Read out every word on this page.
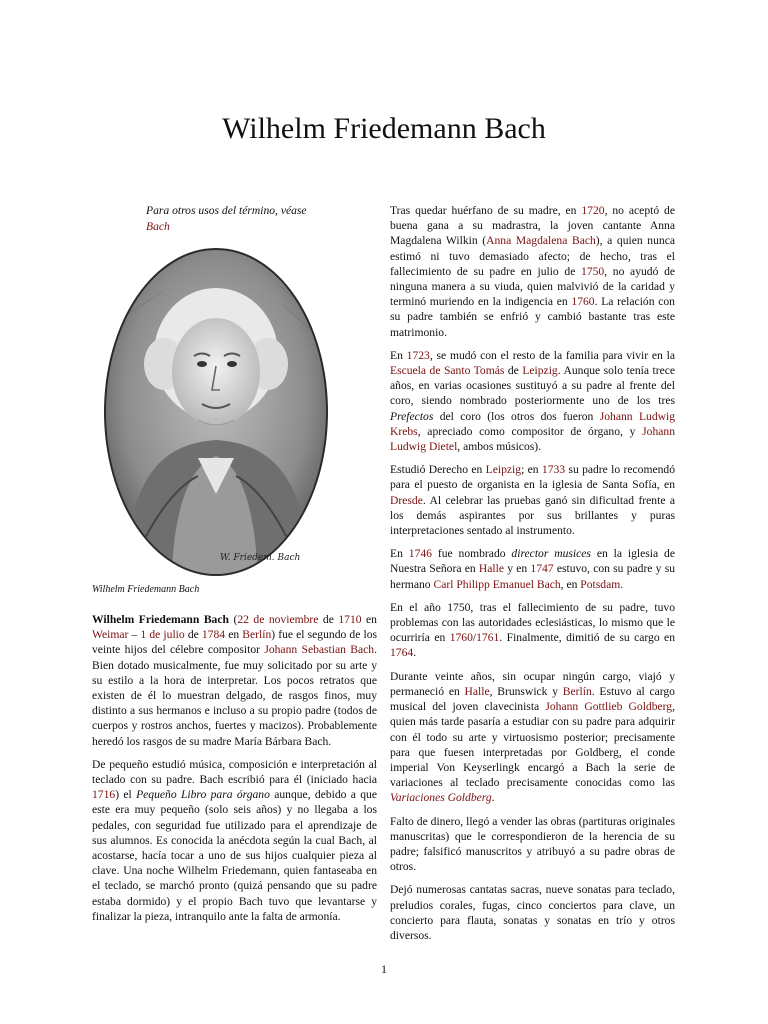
Wilhelm Friedemann Bach
Para otros usos del término, véase
Bach
W. Friedem. Bach
Wilhelm Friedemann Bach

Wilhelm Friedemann Bach (22 de noviembre de 1710 en Weimar – 1 de julio de 1784 en Berlín) fue el segundo de los veinte hijos del célebre compositor Johann Sebastian Bach. Bien dotado musicalmente, fue muy solicitado por su arte y su estilo a la hora de interpretar. Los pocos retratos que existen de él lo muestran delgado, de rasgos finos, muy distinto a sus hermanos e incluso a su propio padre (todos de cuerpos y rostros anchos, fuertes y macizos). Probablemente heredó los rasgos de su madre María Bárbara Bach.

De pequeño estudió música, composición e interpretación al teclado con su padre. Bach escribió para él (iniciado hacia 1716) el Pequeño Libro para órgano aunque, debido a que este era muy pequeño (solo seis años) y no llegaba a los pedales, con seguridad fue utilizado para el aprendizaje de sus alumnos. Es conocida la anécdota según la cual Bach, al acostarse, hacía tocar a uno de sus hijos cualquier pieza al clave. Una noche Wilhelm Friedemann, quien fantaseaba en el teclado, se marchó pronto (quizá pensando que su padre estaba dormido) y el propio Bach tuvo que levantarse y finalizar la pieza, intranquilo ante la falta de armonía.

Tras quedar huérfano de su madre, en 1720, no aceptó de buena gana a su madrastra, la joven cantante Anna Magdalena Wilkin (Anna Magdalena Bach), a quien nunca estimó ni tuvo demasiado afecto; de hecho, tras el fallecimiento de su padre en julio de 1750, no ayudó de ninguna manera a su viuda, quien malvivió de la caridad y terminó muriendo en la indigencia en 1760. La relación con su padre también se enfrió y cambió bastante tras este matrimonio.

En 1723, se mudó con el resto de la familia para vivir en la Escuela de Santo Tomás de Leipzig. Aunque solo tenía trece años, en varias ocasiones sustituyó a su padre al frente del coro, siendo nombrado posteriormente uno de los tres Prefectos del coro (los otros dos fueron Johann Ludwig Krebs, apreciado como compositor de órgano, y Johann Ludwig Dietel, ambos músicos).

Estudió Derecho en Leipzig; en 1733 su padre lo recomendó para el puesto de organista en la iglesia de Santa Sofía, en Dresde. Al celebrar las pruebas ganó sin dificultad frente a los demás aspirantes por sus brillantes y puras interpretaciones sentado al instrumento.

En 1746 fue nombrado director musices en la iglesia de Nuestra Señora en Halle y en 1747 estuvo, con su padre y su hermano Carl Philipp Emanuel Bach, en Potsdam.

En el año 1750, tras el fallecimiento de su padre, tuvo problemas con las autoridades eclesiásticas, lo mismo que le ocurriría en 1760/1761. Finalmente, dimitió de su cargo en 1764.

Durante veinte años, sin ocupar ningún cargo, viajó y permaneció en Halle, Brunswick y Berlín. Estuvo al cargo musical del joven clavecinista Johann Gottlieb Goldberg, quien más tarde pasaría a estudiar con su padre para adquirir con él todo su arte y virtuosismo posterior; precisamente para que fuesen interpretadas por Goldberg, el conde imperial Von Keyserlingk encargó a Bach la serie de variaciones al teclado precisamente conocidas como las Variaciones Goldberg.

Falto de dinero, llegó a vender las obras (partituras originales manuscritas) que le correspondieron de la herencia de su padre; falsificó manuscritos y atribuyó a su padre obras de otros.

Dejó numerosas cantatas sacras, nueve sonatas para teclado, preludios corales, fugas, cinco conciertos para clave, un concierto para flauta, sonatas y sonatas en trío y otros diversos.

1
